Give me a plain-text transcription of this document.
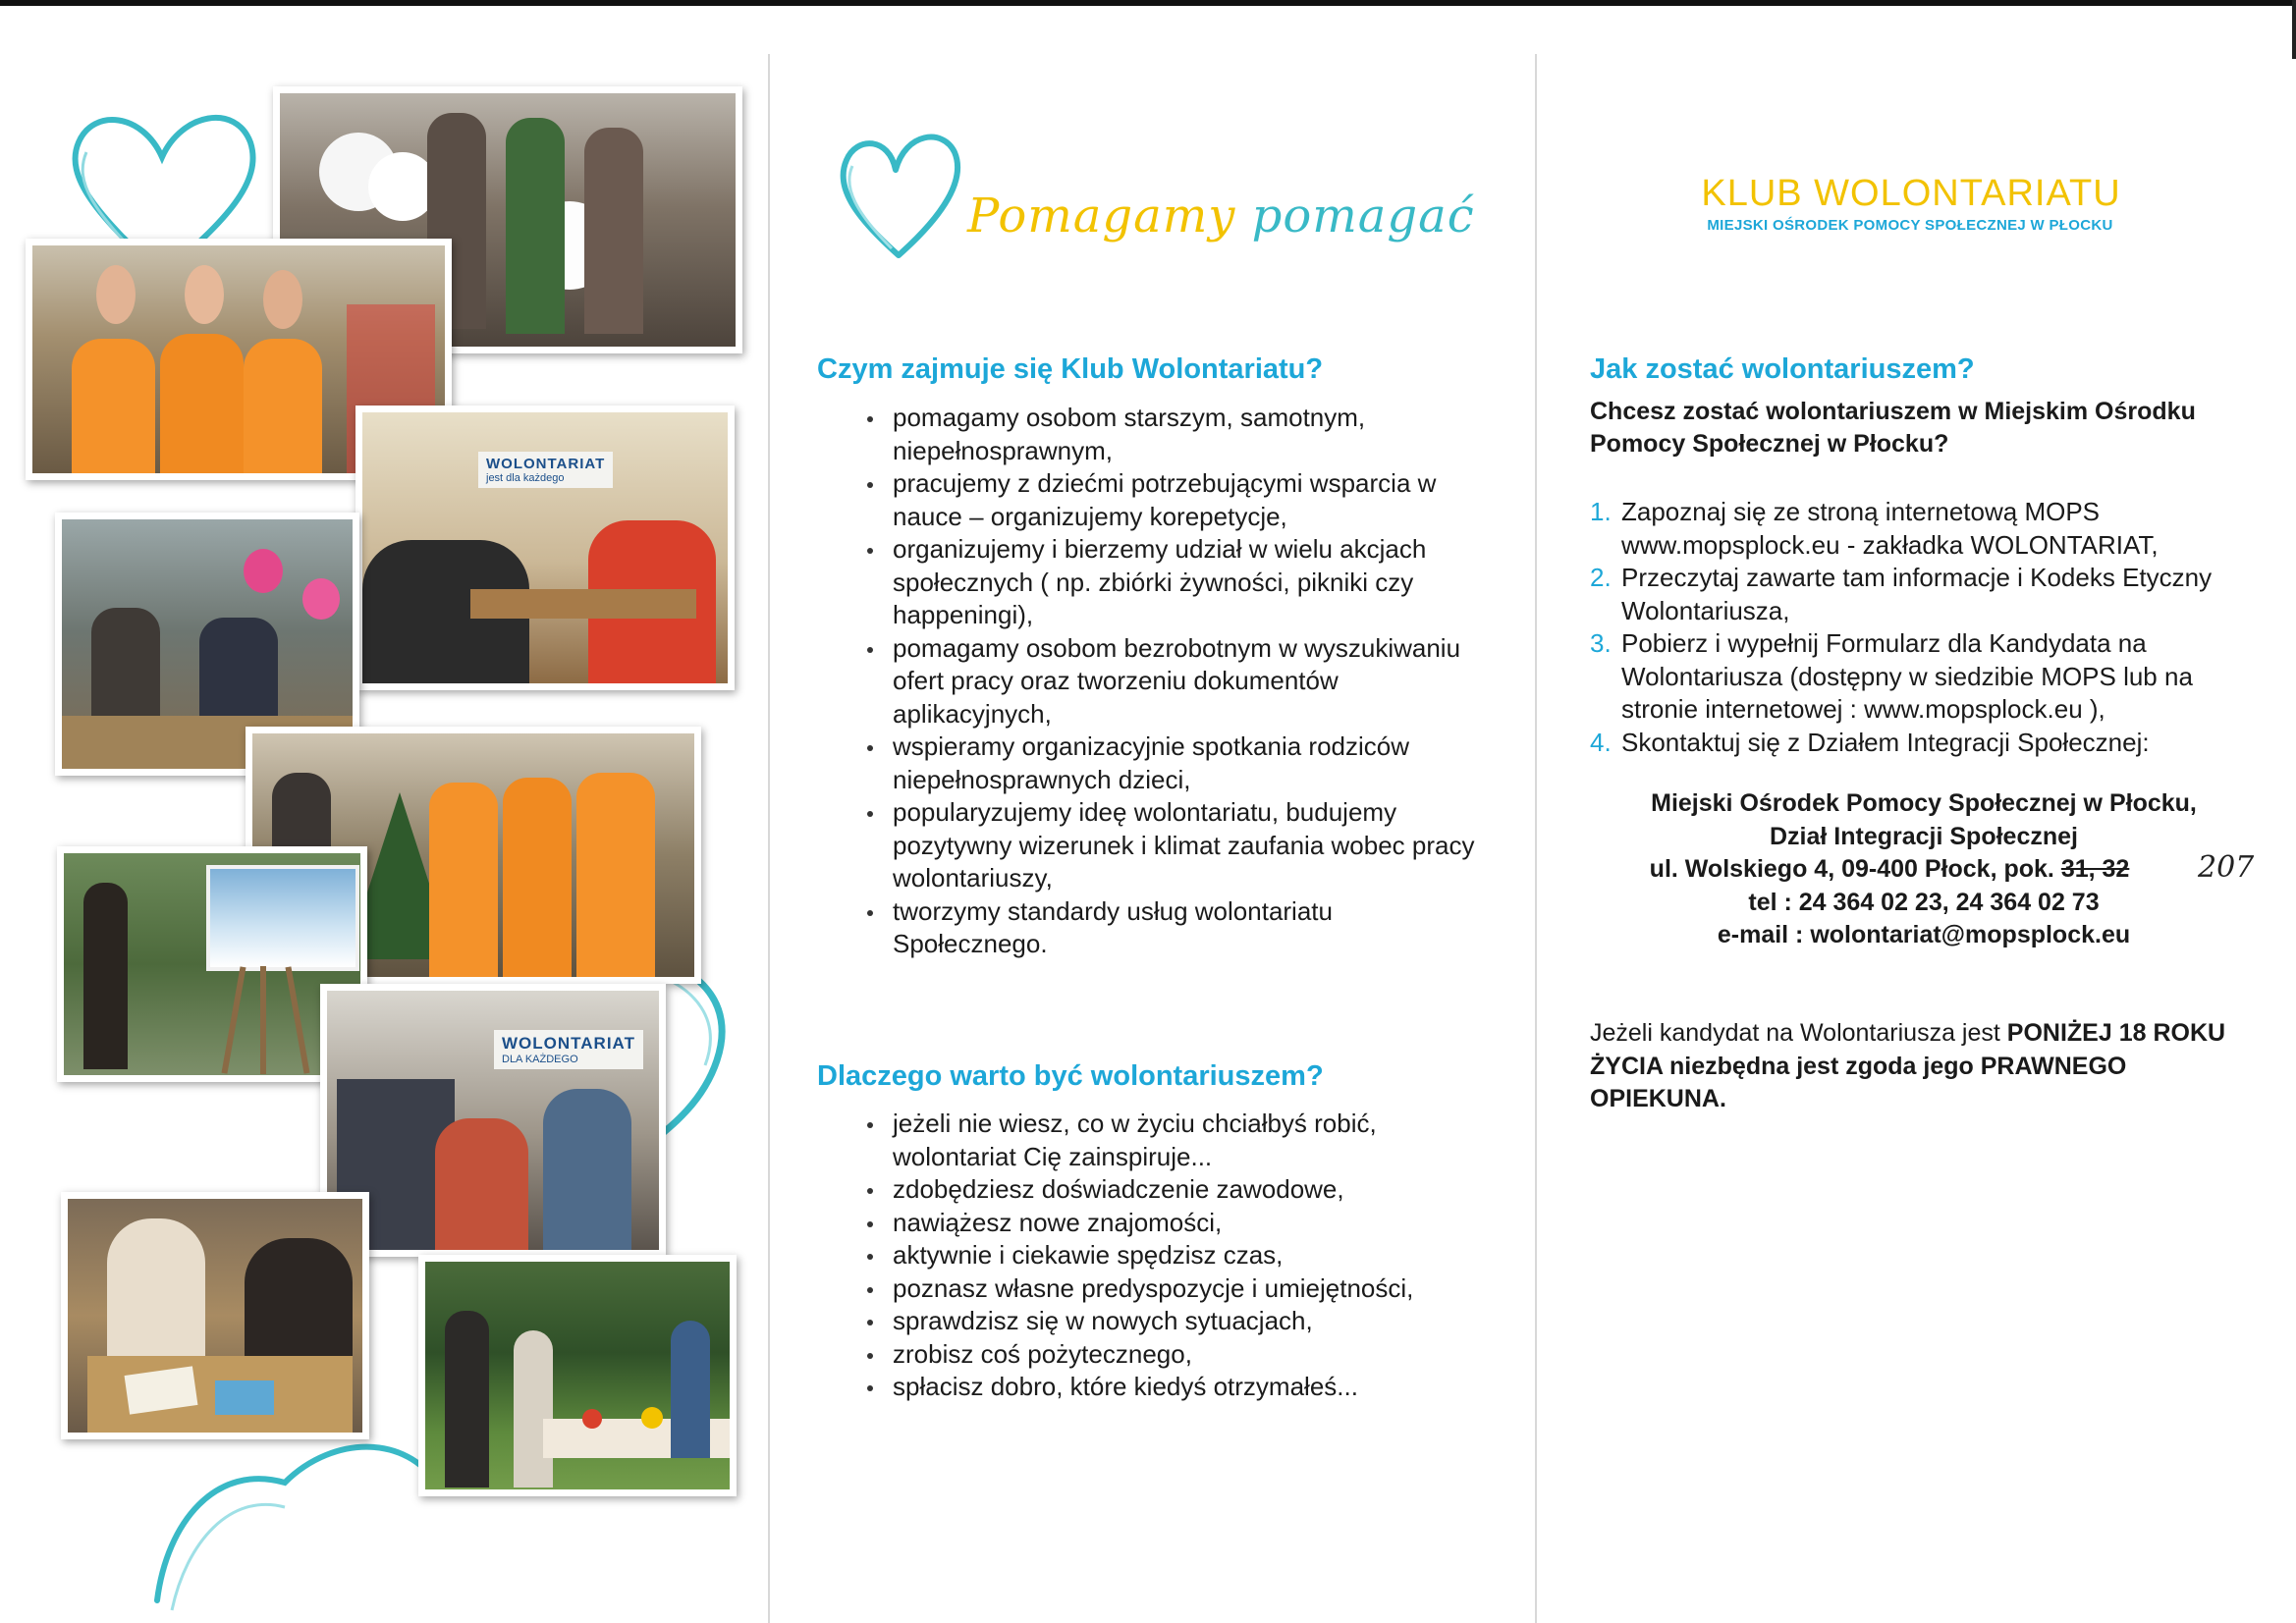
WOLONTARIAT
jest dla każdego
WOLONTARIAT
DLA KAŻDEGO
Pomagamy pomagać
Czym zajmuje się Klub Wolontariatu?
pomagamy osobom starszym, samotnym, niepełnosprawnym,
pracujemy z dziećmi potrzebującymi wsparcia w nauce – organizujemy korepetycje,
organizujemy i bierzemy udział w wielu akcjach społecznych ( np. zbiórki żywności, pikniki czy happeningi),
pomagamy osobom bezrobotnym w wyszukiwaniu ofert pracy oraz tworzeniu dokumentów aplikacyjnych,
wspieramy organizacyjnie spotkania rodziców niepełnosprawnych dzieci,
popularyzujemy ideę wolontariatu, budujemy pozytywny wizerunek i klimat zaufania wobec pracy wolontariuszy,
tworzymy standardy usług wolontariatu Społecznego.
Dlaczego warto być wolontariuszem?
jeżeli nie wiesz, co w życiu chciałbyś robić, wolontariat Cię zainspiruje...
zdobędziesz doświadczenie zawodowe,
nawiążesz nowe znajomości,
aktywnie i ciekawie spędzisz czas,
poznasz własne predyspozycje i umiejętności,
sprawdzisz się w nowych sytuacjach,
zrobisz coś pożytecznego,
spłacisz dobro, które kiedyś otrzymałeś...
KLUB WOLONTARIATU
MIEJSKI OŚRODEK POMOCY SPOŁECZNEJ W PŁOCKU
Jak zostać wolontariuszem?
Chcesz zostać wolontariuszem w Miejskim Ośrodku Pomocy Społecznej w Płocku?
1. Zapoznaj się ze stroną internetową MOPS www.mopsplock.eu - zakładka WOLONTARIAT,
2. Przeczytaj zawarte tam informacje i Kodeks Etyczny Wolontariusza,
3. Pobierz i wypełnij Formularz dla Kandydata na Wolontariusza (dostępny w siedzibie MOPS lub na stronie internetowej : www.mopsplock.eu ),
4. Skontaktuj się z Działem Integracji Społecznej:
Miejski Ośrodek Pomocy Społecznej w Płocku,
Dział Integracji Społecznej
ul. Wolskiego 4, 09-400 Płock, pok. 31, 32
tel : 24 364 02 23, 24 364 02 73
e-mail : wolontariat@mopsplock.eu
207
Jeżeli kandydat na Wolontariusza jest PONIŻEJ 18 ROKU ŻYCIA niezbędna jest zgoda jego PRAWNEGO OPIEKUNA.
